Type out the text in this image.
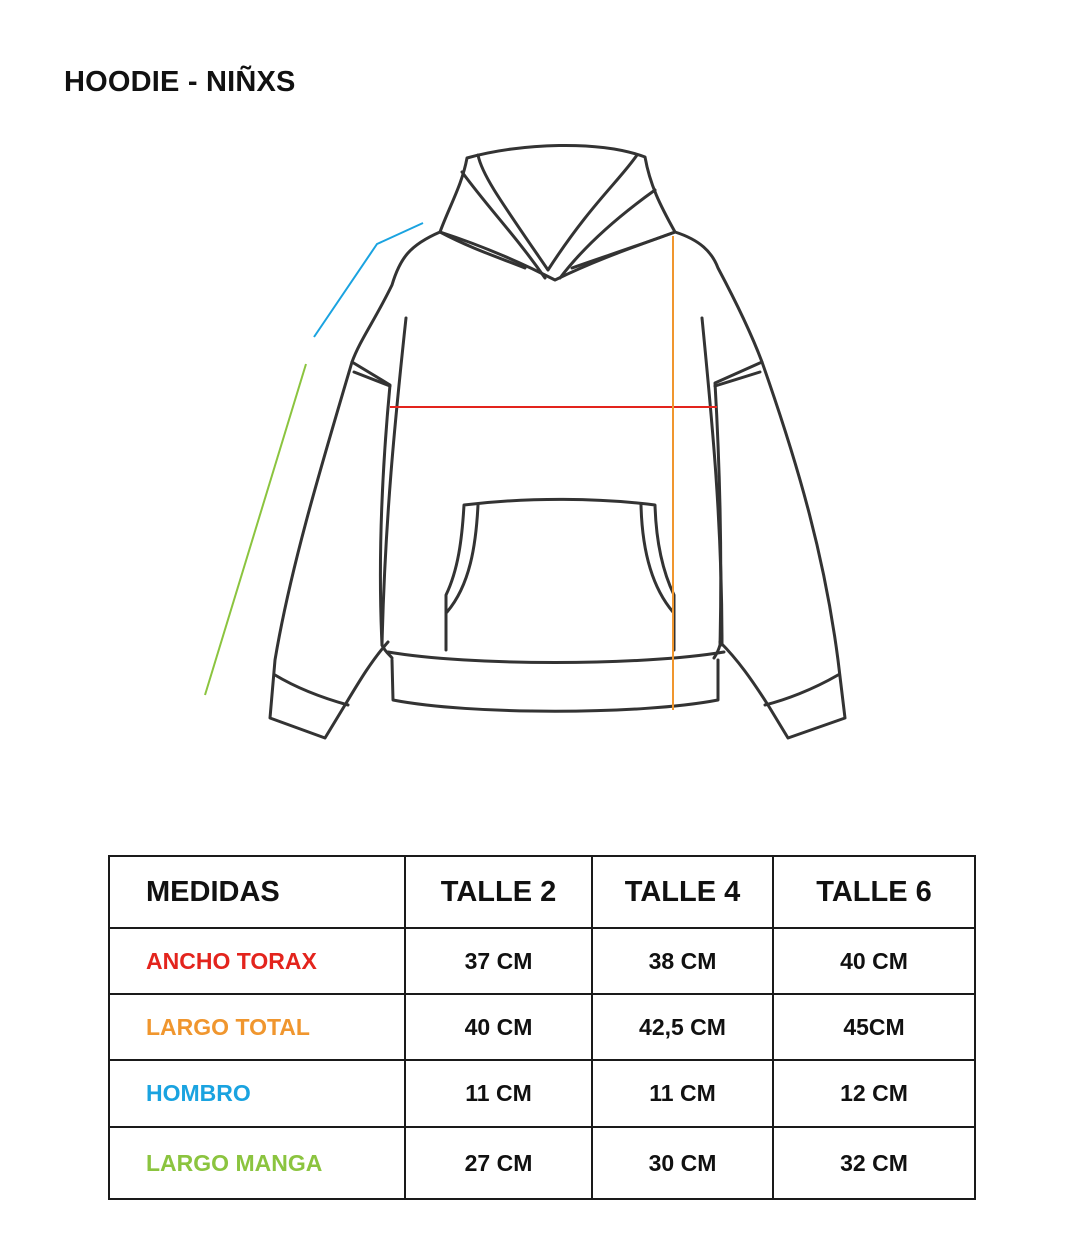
HOODIE - NIÑXS
MEDIDAS	TALLE 2	TALLE 4	TALLE 6
ANCHO TORAX	37 CM	38 CM	40 CM
LARGO TOTAL	40 CM	42,5 CM	45CM
HOMBRO	11 CM	11 CM	12 CM
LARGO MANGA	27 CM	30 CM	32 CM
